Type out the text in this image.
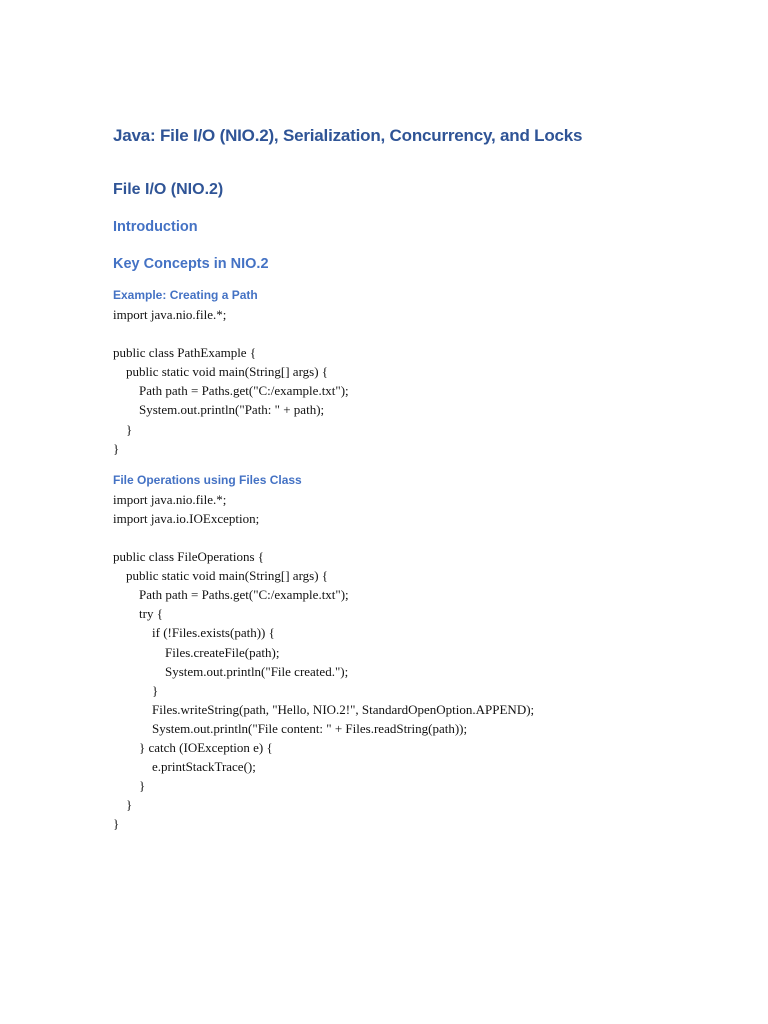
Java: File I/O (NIO.2), Serialization, Concurrency, and Locks
File I/O (NIO.2)
Introduction
Key Concepts in NIO.2
Example: Creating a Path
import java.nio.file.*;
public class PathExample {
public static void main(String[] args) {
Path path = Paths.get("C:/example.txt");
System.out.println("Path: " + path);
}
}
File Operations using Files Class
import java.nio.file.*;
import java.io.IOException;
public class FileOperations {
public static void main(String[] args) {
Path path = Paths.get("C:/example.txt");
try {
if (!Files.exists(path)) {
Files.createFile(path);
System.out.println("File created.");
}
Files.writeString(path, "Hello, NIO.2!", StandardOpenOption.APPEND);
System.out.println("File content: " + Files.readString(path));
} catch (IOException e) {
e.printStackTrace();
}
}
}
